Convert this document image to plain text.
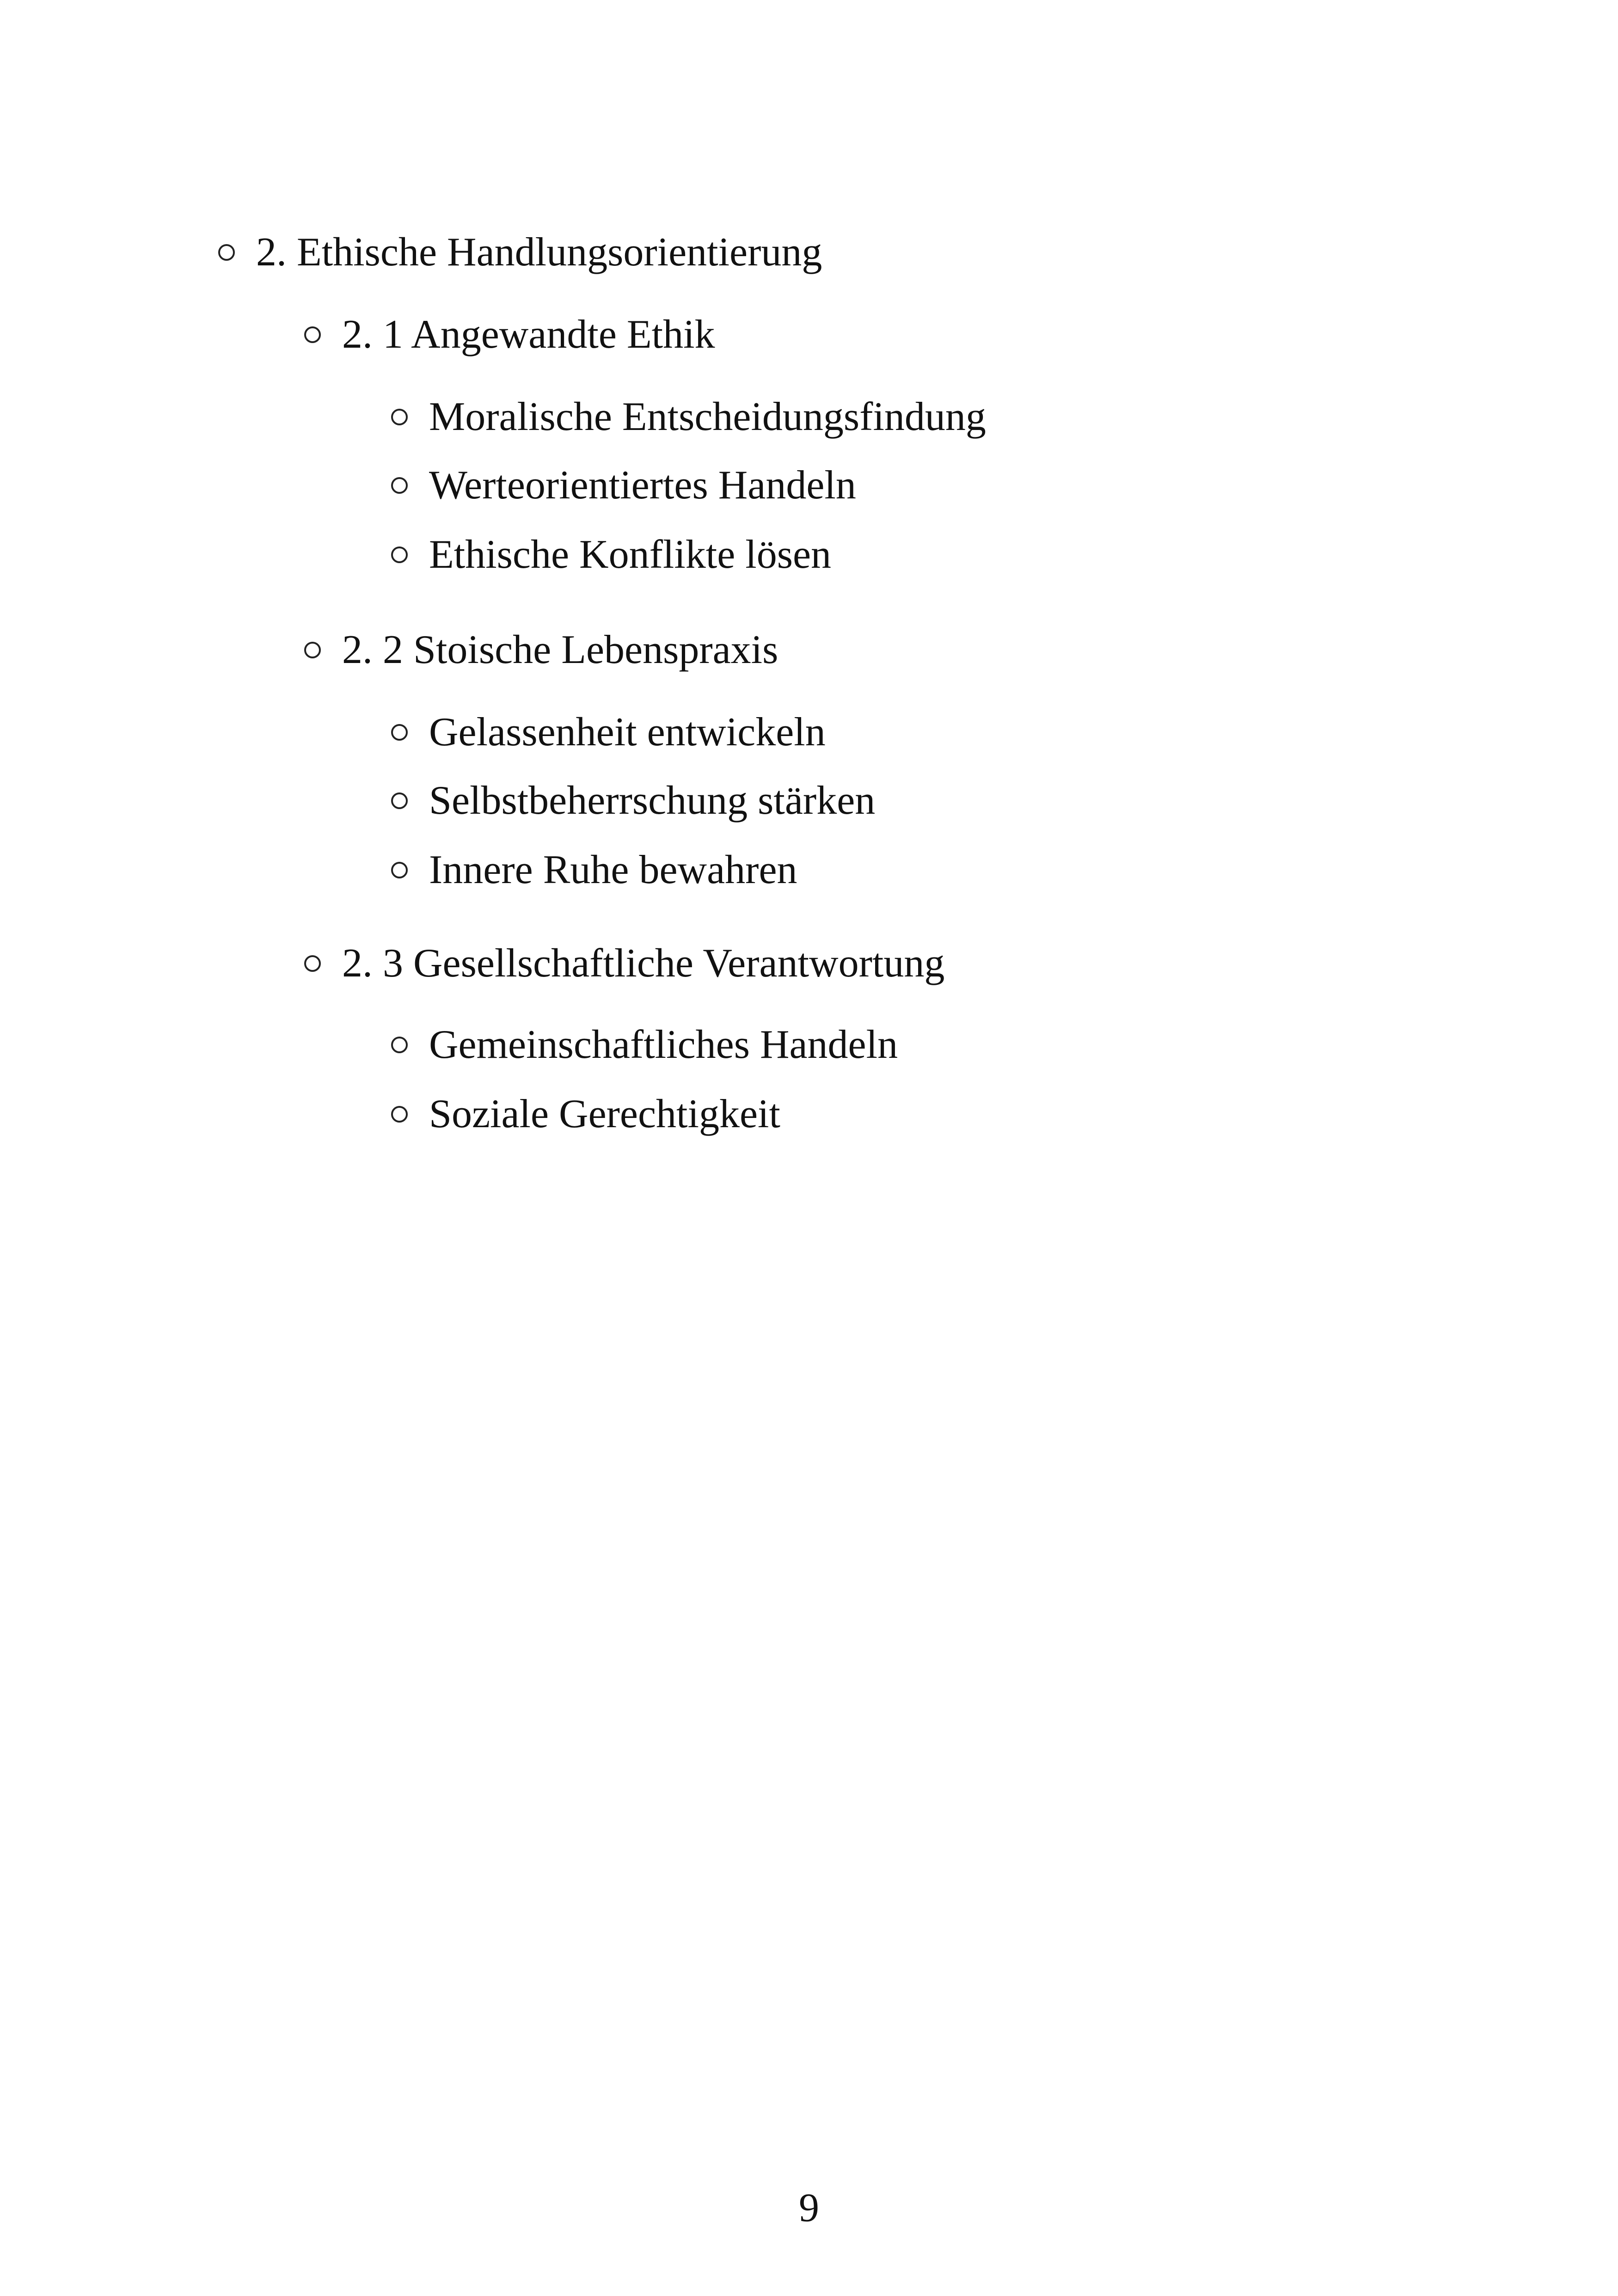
2. Ethische Handlungsorientierung
2. 1 Angewandte Ethik
Moralische Entscheidungsfindung
Werteorientiertes Handeln
Ethische Konflikte lösen
2. 2 Stoische Lebenspraxis
Gelassenheit entwickeln
Selbstbeherrschung stärken
Innere Ruhe bewahren
2. 3 Gesellschaftliche Verantwortung
Gemeinschaftliches Handeln
Soziale Gerechtigkeit
9
